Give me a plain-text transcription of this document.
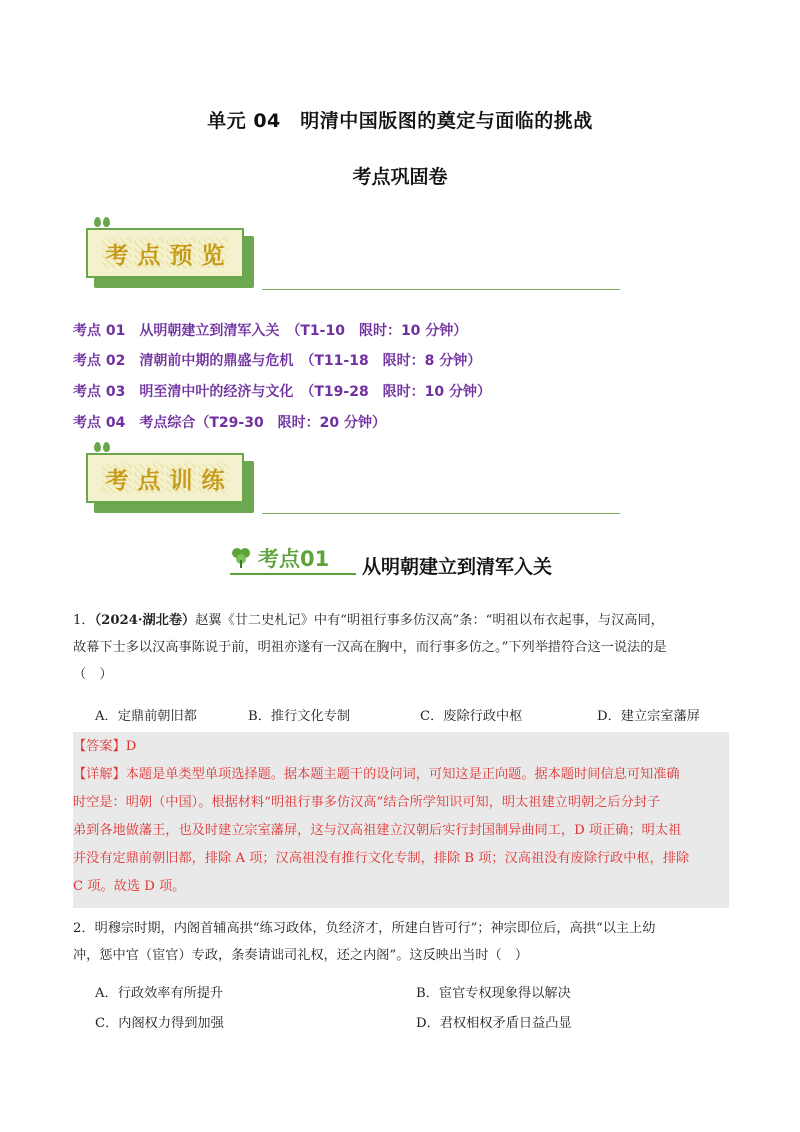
单元 04　明清中国版图的奠定与面临的挑战
考点巩固卷
考 点 预 览
考点 01　从明朝建立到清军入关　（T1-10　限时：10 分钟）
考点 02　清朝前中期的鼎盛与危机　（T11-18　限时：8 分钟）
考点 03　明至清中叶的经济与文化　（T19-28　限时：10 分钟）
考点 04　考点综合（T29-30　限时：20 分钟）
考 点 训 练
考点01 从明朝建立到清军入关
1．（2024·湖北卷）赵翼《廿二史札记》中有“明祖行事多仿汉高”条：“明祖以布衣起事，与汉高同，
故幕下士多以汉高事陈说于前，明祖亦遂有一汉高在胸中，而行事多仿之。”下列举措符合这一说法的是
（　）
A．定鼎前朝旧都	B．推行文化专制	C．废除行政中枢	D．建立宗室藩屏
【答案】D
【详解】本题是单类型单项选择题。据本题主题干的设问词，可知这是正向题。据本题时间信息可知准确
时空是：明朝（中国）。根据材料“明祖行事多仿汉高”结合所学知识可知，明太祖建立明朝之后分封子
弟到各地做藩王，也及时建立宗室藩屏，这与汉高祖建立汉朝后实行封国制异曲同工，D 项正确；明太祖
并没有定鼎前朝旧都，排除 A 项；汉高祖没有推行文化专制，排除 B 项；汉高祖没有废除行政中枢，排除
C 项。故选 D 项。
2．明穆宗时期，内阁首辅高拱“练习政体，负经济才，所建白皆可行”；神宗即位后，高拱“以主上幼
冲，惩中官（宦官）专政，条奏请诎司礼权，还之内阁”。这反映出当时（　）
A．行政效率有所提升	B．宦官专权现象得以解决
C．内阁权力得到加强	D．君权相权矛盾日益凸显
